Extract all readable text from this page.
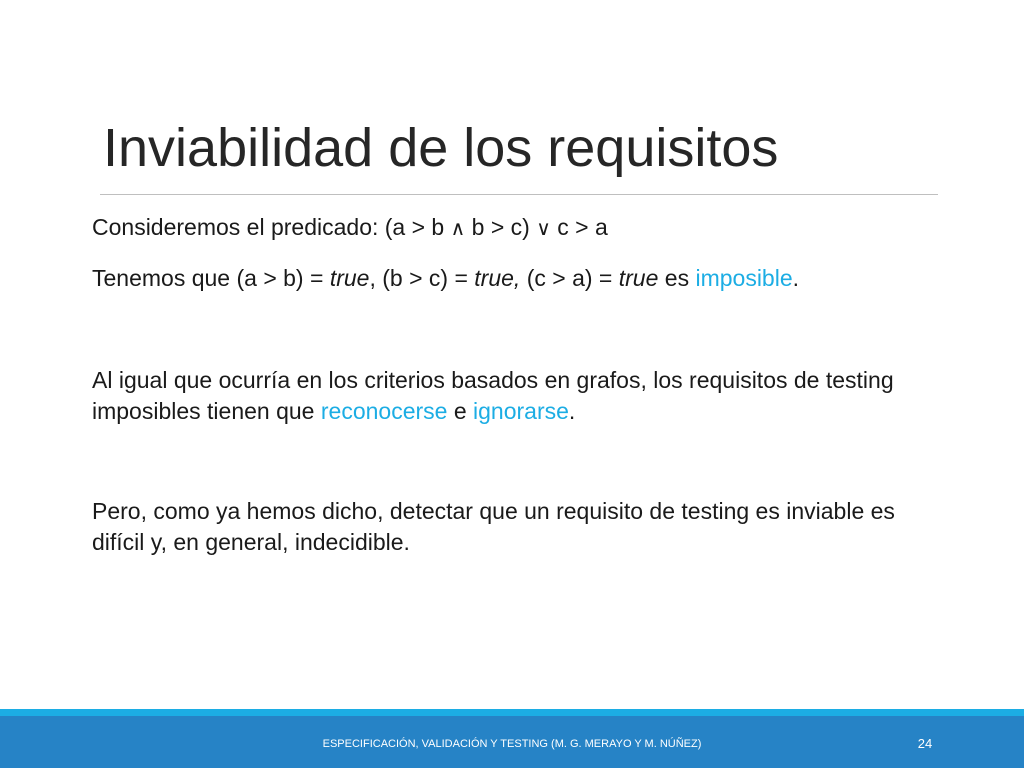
Inviabilidad de los requisitos

Consideremos el predicado: (a > b ∧ b > c) ∨ c > a

Tenemos que (a > b) = true, (b > c) = true, (c > a) = true es imposible.

Al igual que ocurría en los criterios basados en grafos, los requisitos de testing imposibles tienen que reconocerse e ignorarse.

Pero, como ya hemos dicho, detectar que un requisito de testing es inviable es difícil y, en general, indecidible.

ESPECIFICACIÓN, VALIDACIÓN Y TESTING (M. G. MERAYO Y M. NÚÑEZ)	24
